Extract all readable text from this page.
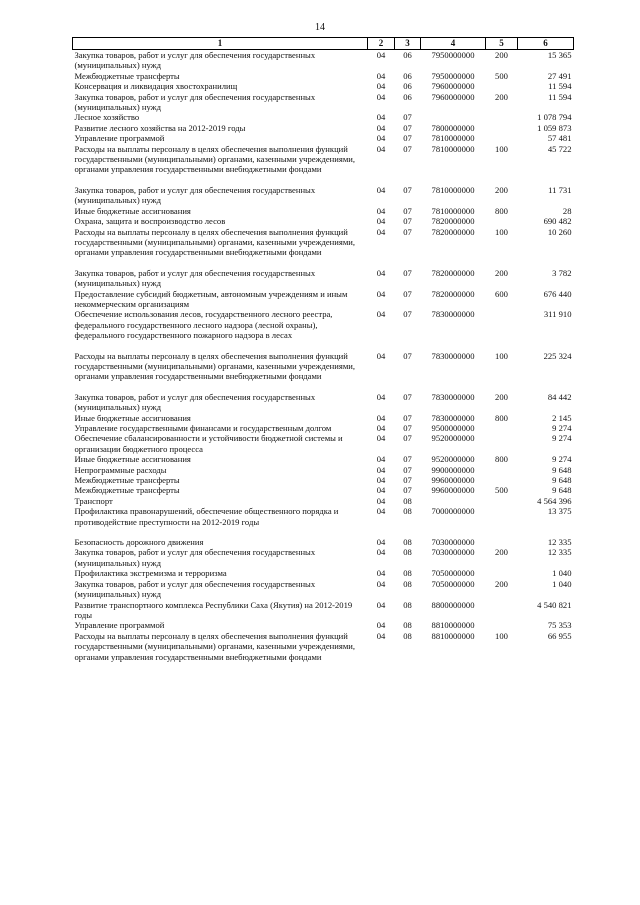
14
1	2	3	4	5	6
Закупка товаров, работ и услуг для обеспечения государственных (муниципальных) нужд	04	06	7950000000	200	15 365
Межбюджетные трансферты	04	06	7950000000	500	27 491
Консервация и ликвидация хвостохранилищ	04	06	7960000000		11 594
Закупка товаров, работ и услуг для обеспечения государственных (муниципальных) нужд	04	06	7960000000	200	11 594
Лесное хозяйство	04	07			1 078 794
Развитие лесного хозяйства на 2012-2019 годы	04	07	7800000000		1 059 873
Управление программой	04	07	7810000000		57 481
Расходы на выплаты персоналу в целях обеспечения выполнения функций государственными (муниципальными) органами, казенными учреждениями, органами управления государственными внебюджетными фондами	04	07	7810000000	100	45 722

Закупка товаров, работ и услуг для обеспечения государственных (муниципальных) нужд	04	07	7810000000	200	11 731
Иные бюджетные ассигнования	04	07	7810000000	800	28
Охрана, защита и воспроизводство лесов	04	07	7820000000		690 482
Расходы на выплаты персоналу в целях обеспечения выполнения функций государственными (муниципальными) органами, казенными учреждениями, органами управления государственными внебюджетными фондами	04	07	7820000000	100	10 260

Закупка товаров, работ и услуг для обеспечения государственных (муниципальных) нужд	04	07	7820000000	200	3 782
Предоставление субсидий бюджетным, автономным учреждениям и иным некоммерческим организациям	04	07	7820000000	600	676 440
Обеспечение использования лесов, государственного лесного реестра, федерального государственного лесного надзора (лесной охраны), федерального государственного пожарного надзора в лесах	04	07	7830000000		311 910

Расходы на выплаты персоналу в целях обеспечения выполнения функций государственными (муниципальными) органами, казенными учреждениями, органами управления государственными внебюджетными фондами	04	07	7830000000	100	225 324

Закупка товаров, работ и услуг для обеспечения государственных (муниципальных) нужд	04	07	7830000000	200	84 442
Иные бюджетные ассигнования	04	07	7830000000	800	2 145
Управление государственными финансами и государственным долгом	04	07	9500000000		9 274
Обеспечение сбалансированности и устойчивости бюджетной системы и организации бюджетного процесса	04	07	9520000000		9 274
Иные бюджетные ассигнования	04	07	9520000000	800	9 274
Непрограммные расходы	04	07	9900000000		9 648
Межбюджетные трансферты	04	07	9960000000		9 648
Межбюджетные трансферты	04	07	9960000000	500	9 648
Транспорт	04	08			4 564 396
Профилактика правонарушений, обеспечение общественного порядка и противодействие преступности на 2012-2019 годы	04	08	7000000000		13 375

Безопасность дорожного движения	04	08	7030000000		12 335
Закупка товаров, работ и услуг для обеспечения государственных (муниципальных) нужд	04	08	7030000000	200	12 335
Профилактика экстремизма и терроризма	04	08	7050000000		1 040
Закупка товаров, работ и услуг для обеспечения государственных (муниципальных) нужд	04	08	7050000000	200	1 040
Развитие транспортного комплекса Республики Саха (Якутия) на 2012-2019 годы	04	08	8800000000		4 540 821
Управление программой	04	08	8810000000		75 353
Расходы на выплаты персоналу в целях обеспечения выполнения функций государственными (муниципальными) органами, казенными учреждениями, органами управления государственными внебюджетными фондами	04	08	8810000000	100	66 955
